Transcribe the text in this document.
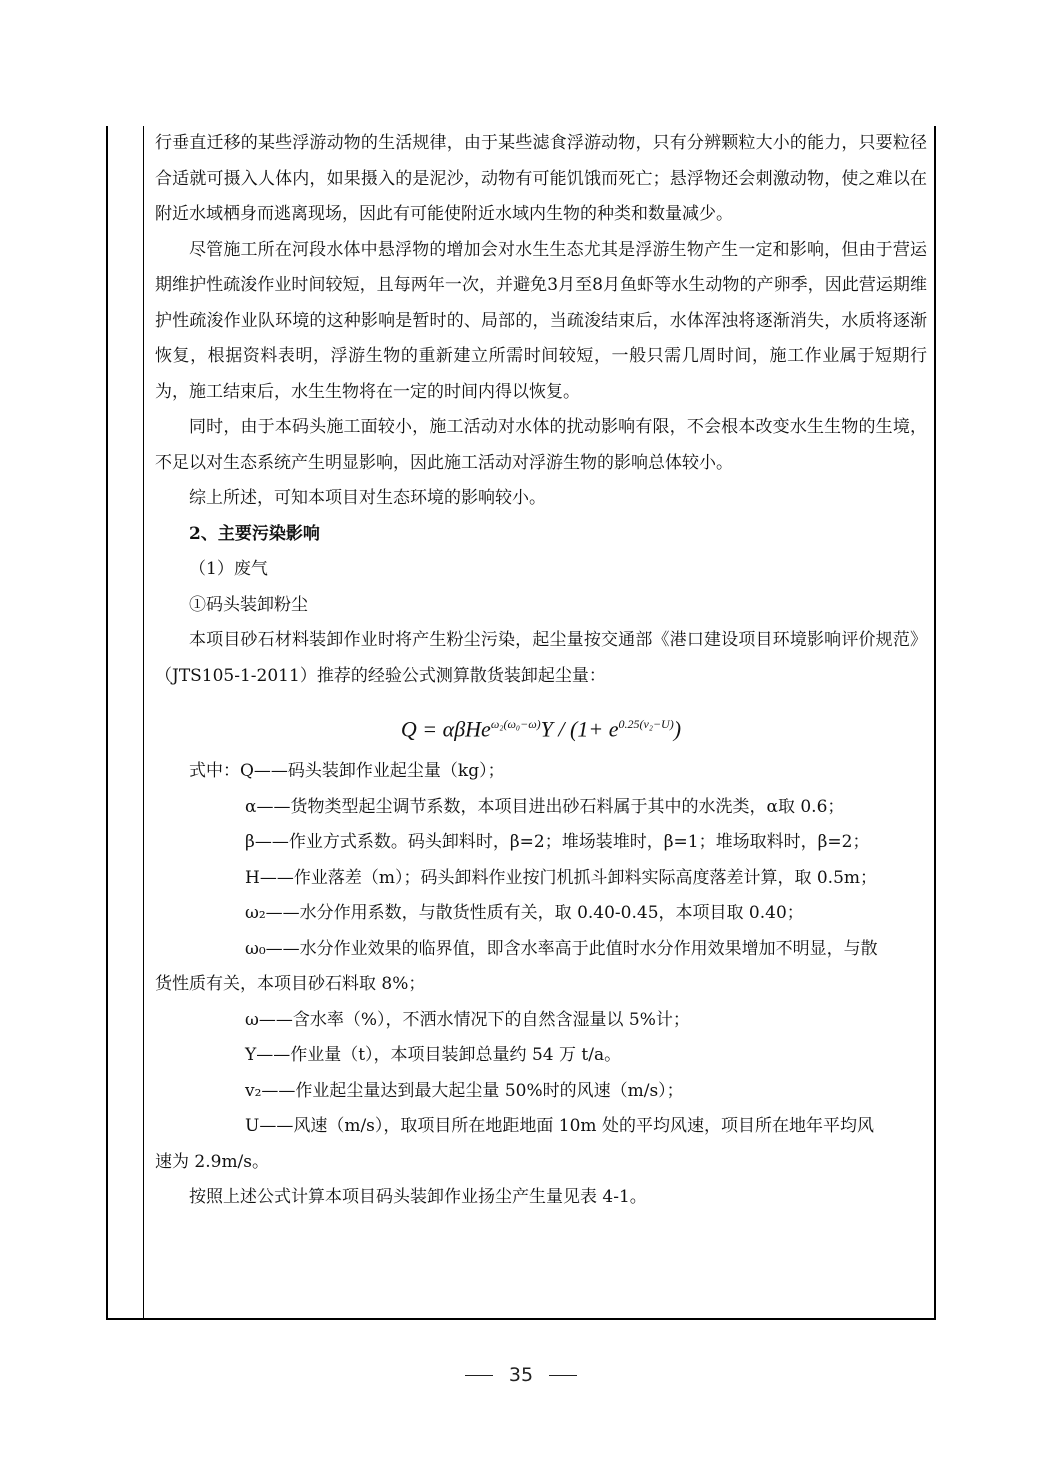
行垂直迁移的某些浮游动物的生活规律，由于某些滤食浮游动物，只有分辨颗粒大小的能力，只要粒径合适就可摄入人体内，如果摄入的是泥沙，动物有可能饥饿而死亡；悬浮物还会刺激动物，使之难以在附近水域栖身而逃离现场，因此有可能使附近水域内生物的种类和数量减少。

尽管施工所在河段水体中悬浮物的增加会对水生生态尤其是浮游生物产生一定和影响，但由于营运期维护性疏浚作业时间较短，且每两年一次，并避免3月至8月鱼虾等水生动物的产卵季，因此营运期维护性疏浚作业队环境的这种影响是暂时的、局部的，当疏浚结束后，水体浑浊将逐渐消失，水质将逐渐恢复，根据资料表明，浮游生物的重新建立所需时间较短，一般只需几周时间，施工作业属于短期行为，施工结束后，水生生物将在一定的时间内得以恢复。

同时，由于本码头施工面较小，施工活动对水体的扰动影响有限，不会根本改变水生生物的生境，不足以对生态系统产生明显影响，因此施工活动对浮游生物的影响总体较小。

综上所述，可知本项目对生态环境的影响较小。

2、主要污染影响

（1）废气

①码头装卸粉尘

本项目砂石材料装卸作业时将产生粉尘污染，起尘量按交通部《港口建设项目环境影响评价规范》（JTS105-1-2011）推荐的经验公式测算散货装卸起尘量：

$Q = \alpha\beta He^{\omega_2(\omega_0-\omega)}Y / (1+ e^{0.25(v_2-U)})$

式中：Q——码头装卸作业起尘量（kg）；

α——货物类型起尘调节系数，本项目进出砂石料属于其中的水洗类，α取 0.6；

β——作业方式系数。码头卸料时，β=2；堆场装堆时，β=1；堆场取料时，β=2；

H——作业落差（m）；码头卸料作业按门机抓斗卸料实际高度落差计算，取 0.5m；

ω₂——水分作用系数，与散货性质有关，取 0.40-0.45，本项目取 0.40；

ω₀——水分作业效果的临界值，即含水率高于此值时水分作用效果增加不明显，与散

货性质有关，本项目砂石料取 8%；

ω——含水率（%），不洒水情况下的自然含湿量以 5%计；

Y——作业量（t），本项目装卸总量约 54 万 t/a。

v₂——作业起尘量达到最大起尘量 50%时的风速（m/s）；

U——风速（m/s），取项目所在地距地面 10m 处的平均风速，项目所在地年平均风

速为 2.9m/s。

按照上述公式计算本项目码头装卸作业扬尘产生量见表 4-1。

35
